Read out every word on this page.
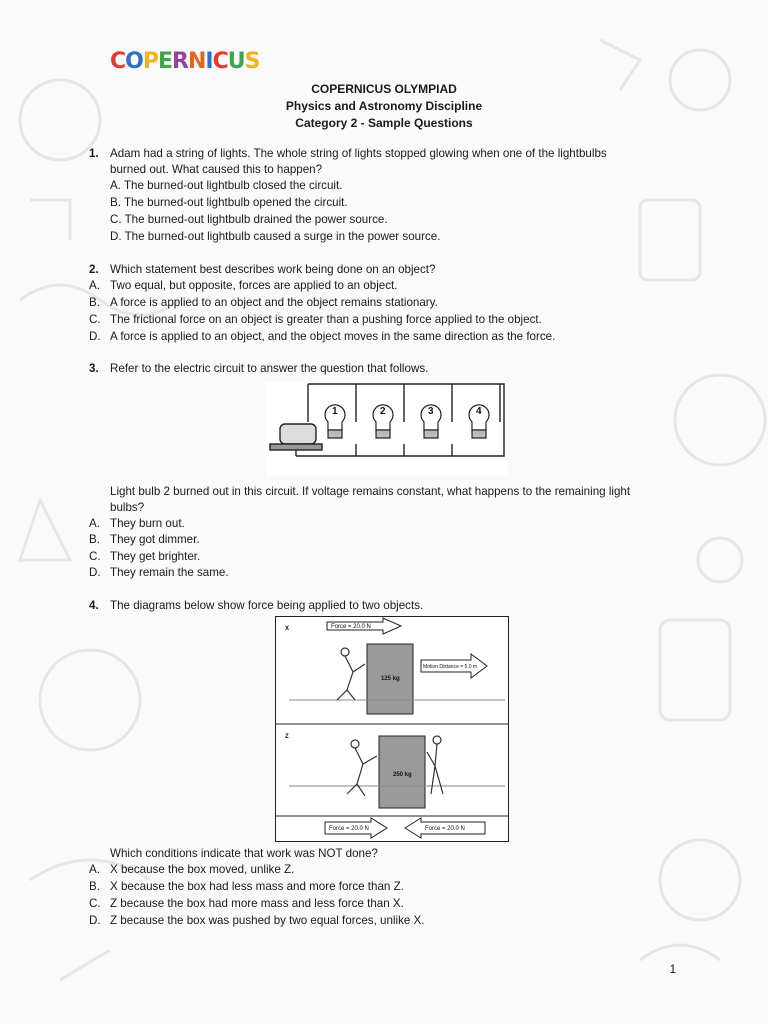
C O P E R N I C U S
COPERNICUS OLYMPIAD
Physics and Astronomy Discipline
Category 2 - Sample Questions
1. Adam had a string of lights. The whole string of lights stopped glowing when one of the lightbulbs
burned out. What caused this to happen?
A. The burned-out lightbulb closed the circuit.
B. The burned-out lightbulb opened the circuit.
C. The burned-out lightbulb drained the power source.
D. The burned-out lightbulb caused a surge in the power source.
2. Which statement best describes work being done on an object?
A. Two equal, but opposite, forces are applied to an object.
B. A force is applied to an object and the object remains stationary.
C. The frictional force on an object is greater than a pushing force applied to the object.
D. A force is applied to an object, and the object moves in the same direction as the force.
3. Refer to the electric circuit to answer the question that follows.
1	2	3	4
Light bulb 2 burned out in this circuit. If voltage remains constant, what happens to the remaining light
bulbs?
A. They burn out.
B. They got dimmer.
C. They get brighter.
D. They remain the same.
4. The diagrams below show force being applied to two objects.
X	Force = 20.0 N
125 kg
Motion Distance = 5.0 m
Z
250 kg
Force = 20.0 N	Force = 20.0 N
Which conditions indicate that work was NOT done?
A. X because the box moved, unlike Z.
B. X because the box had less mass and more force than Z.
C. Z because the box had more mass and less force than X.
D. Z because the box was pushed by two equal forces, unlike X.
1
